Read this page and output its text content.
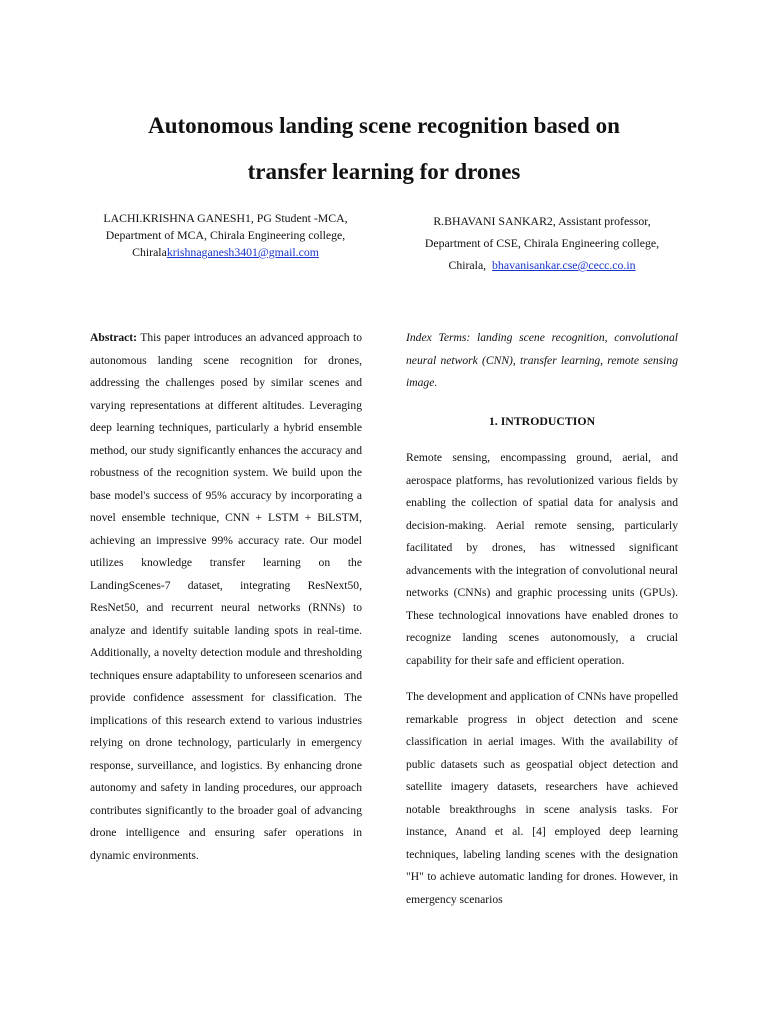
Autonomous landing scene recognition based on
transfer learning for drones
LACHI.KRISHNA GANESH1, PG Student -MCA,
Department of MCA, Chirala Engineering college,
Chiralakrishnaganesh3401@gmail.com
R.BHAVANI SANKAR2, Assistant professor,
Department of CSE, Chirala Engineering college,
Chirala,  bhavanisankar.cse@cecc.co.in

Abstract: This paper introduces an advanced approach to autonomous landing scene recognition for drones, addressing the challenges posed by similar scenes and varying representations at different altitudes. Leveraging deep learning techniques, particularly a hybrid ensemble method, our study significantly enhances the accuracy and robustness of the recognition system. We build upon the base model's success of 95% accuracy by incorporating a novel ensemble technique, CNN + LSTM + BiLSTM, achieving an impressive 99% accuracy rate. Our model utilizes knowledge transfer learning on the LandingScenes-7 dataset, integrating ResNext50, ResNet50, and recurrent neural networks (RNNs) to analyze and identify suitable landing spots in real-time. Additionally, a novelty detection module and thresholding techniques ensure adaptability to unforeseen scenarios and provide confidence assessment for classification. The implications of this research extend to various industries relying on drone technology, particularly in emergency response, surveillance, and logistics. By enhancing drone autonomy and safety in landing procedures, our approach contributes significantly to the broader goal of advancing drone intelligence and ensuring safer operations in dynamic environments.

Index Terms: landing scene recognition, convolutional neural network (CNN), transfer learning, remote sensing image.

1. INTRODUCTION

Remote sensing, encompassing ground, aerial, and aerospace platforms, has revolutionized various fields by enabling the collection of spatial data for analysis and decision-making. Aerial remote sensing, particularly facilitated by drones, has witnessed significant advancements with the integration of convolutional neural networks (CNNs) and graphic processing units (GPUs). These technological innovations have enabled drones to recognize landing scenes autonomously, a crucial capability for their safe and efficient operation.

The development and application of CNNs have propelled remarkable progress in object detection and scene classification in aerial images. With the availability of public datasets such as geospatial object detection and satellite imagery datasets, researchers have achieved notable breakthroughs in scene analysis tasks. For instance, Anand et al. [4] employed deep learning techniques, labeling landing scenes with the designation "H" to achieve automatic landing for drones. However, in emergency scenarios
